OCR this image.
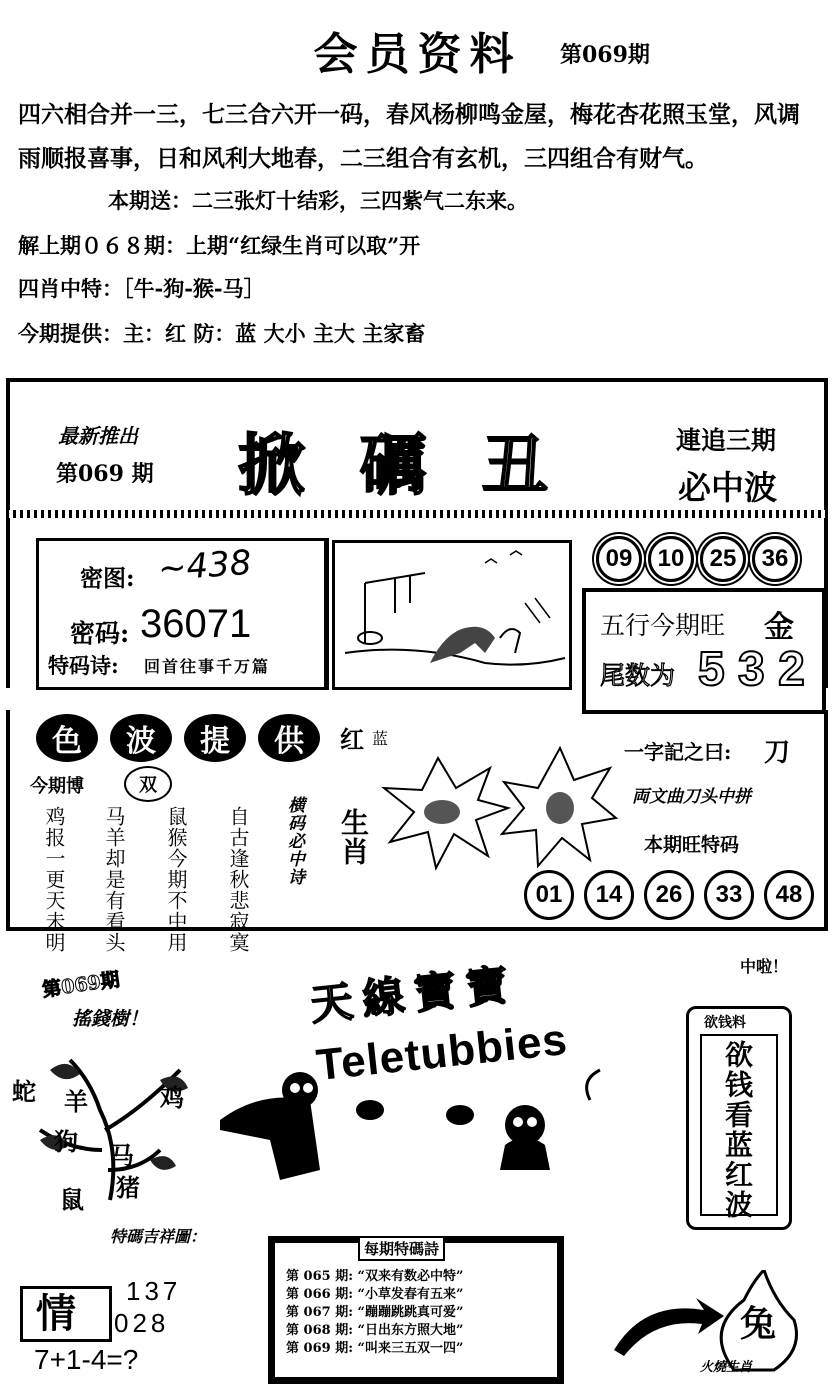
会员资料	第069期
四六相合并一三，七三合六开一码，春风杨柳鸣金屋，梅花杏花照玉堂，风调
雨顺报喜事，日和风利大地春，二三组合有玄机，三四组合有财气。
本期送：二三张灯十结彩，三四紫气二东来。
解上期０６８期：上期“红绿生肖可以取”开
四肖中特：［牛-狗-猴-马］
今期提供：主：红 防：蓝 大小 主大 主家畜
最新推出
第069 期 掀礪丑	連追三期
必中波
密图: ~438
密码: 36071
特码诗: 回首往事千万篇
09	10	25	36
五行今期旺 金
尾数为 5 3 2
色	波	提	供
今期博	双
鸡报一更天未明 马羊却是有看头 鼠猴今期不中用 自古逢秋悲寂寞 横码必中诗
红 蓝
生肖
一字記之曰: 刀
両文曲刀头中拼
本期旺特码
01	14	26	33	48
第069期
搖錢樹！
蛇 羊	鸡
狗 马
鼠 猪
天線寶寶
Teletubbies
中啦！
欲钱料
欲钱看蓝红波
特碼吉祥圖：
情 137
028
7+1-4=?
每期特碼詩
第 065 期: “双来有数必中特”
第 066 期: “小草发春有五来”
第 067 期: “蹦蹦跳跳真可爱”
第 068 期: “日出东方照大地”
第 069 期: “叫来三五双一四”
兔
火燒生肖
